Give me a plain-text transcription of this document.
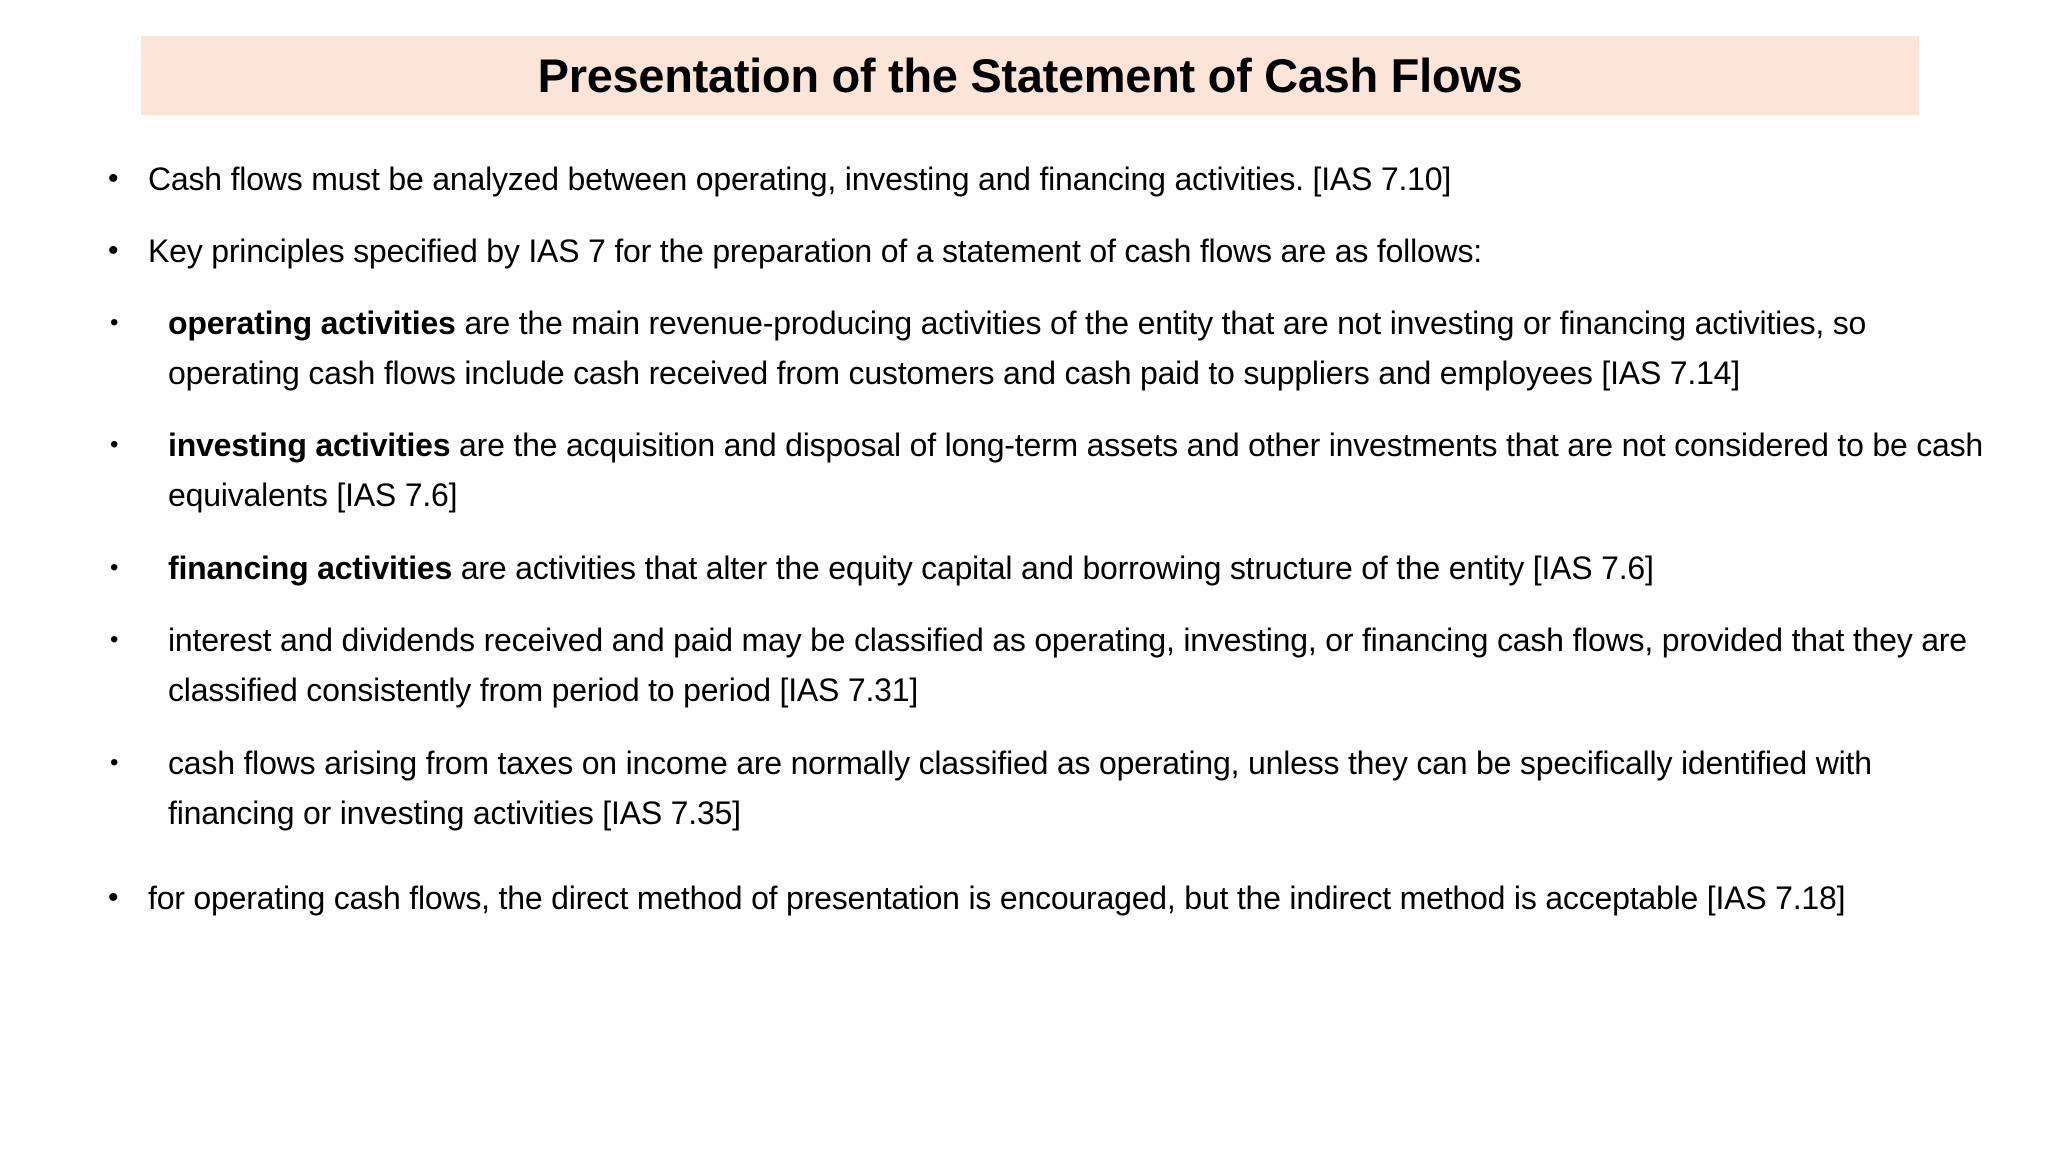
Presentation of the Statement of Cash Flows
• Cash flows must be analyzed between operating, investing and financing activities. [IAS 7.10]
• Key principles specified by IAS 7 for the preparation of a statement of cash flows are as follows:
• operating activities are the main revenue-producing activities of the entity that are not investing or financing activities, so operating cash flows include cash received from customers and cash paid to suppliers and employees [IAS 7.14]
• investing activities are the acquisition and disposal of long-term assets and other investments that are not considered to be cash equivalents [IAS 7.6]
• financing activities are activities that alter the equity capital and borrowing structure of the entity [IAS 7.6]
• interest and dividends received and paid may be classified as operating, investing, or financing cash flows, provided that they are classified consistently from period to period [IAS 7.31]
• cash flows arising from taxes on income are normally classified as operating, unless they can be specifically identified with financing or investing activities [IAS 7.35]
• for operating cash flows, the direct method of presentation is encouraged, but the indirect method is acceptable [IAS 7.18]
